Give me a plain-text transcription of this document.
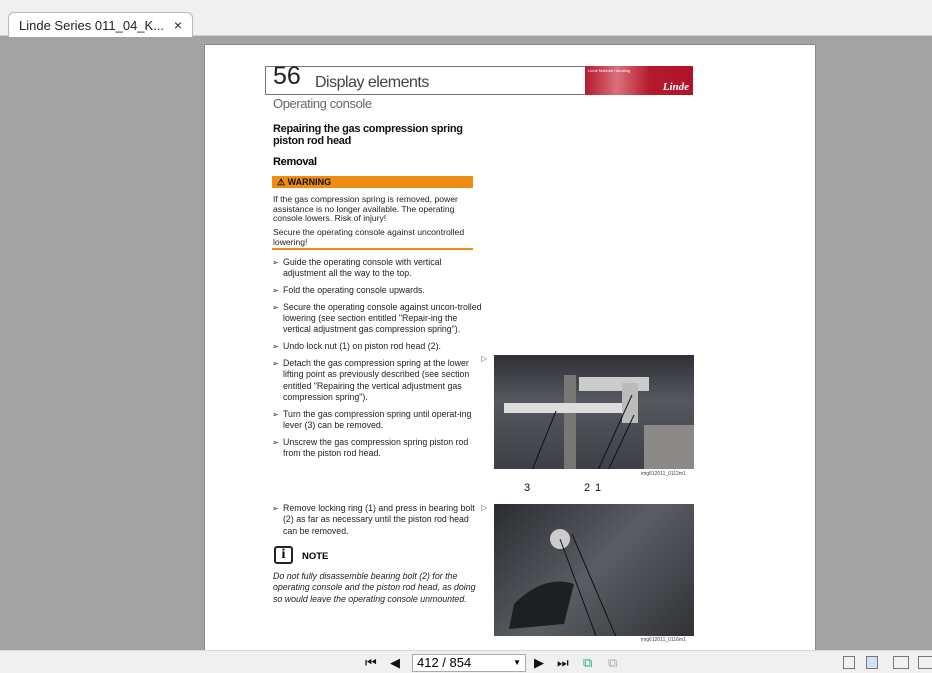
Linde Series 011_04_K... ×
56 Display elements
Linde Material Handling
Linde
Operating console
Repairing the gas compression spring piston rod head
Removal
⚠ WARNING
If the gas compression spring is removed, power assistance is no longer available. The operating console lowers. Risk of injury!
Secure the operating console against uncontrolled lowering!
➢ Guide the operating console with vertical adjustment all the way to the top.
➢ Fold the operating console upwards.
➢ Secure the operating console against uncon-trolled lowering (see section entitled "Repair-ing the vertical adjustment gas compression spring").
➢ Undo lock nut (1) on piston rod head (2).
➢ Detach the gas compression spring at the lower lifting point as previously described (see section entitled "Repairing the vertical adjustment gas compression spring").
➢ Turn the gas compression spring until operat-ing lever (3) can be removed.
➢ Unscrew the gas compression spring piston rod from the piston rod head.
➢ Remove locking ring (1) and press in bearing bolt (2) as far as necessary until the piston rod head can be removed.
i	NOTE
Do not fully disassemble bearing bolt (2) for the operating console and the piston rod head, as doing so would leave the operating console unmounted.
▷
img612011_0112m1
3	2 1
▷
img612011_0116m1
⏮ ◀	412 / 854	▼ ▶ ⏭ ⧉ ⧉
